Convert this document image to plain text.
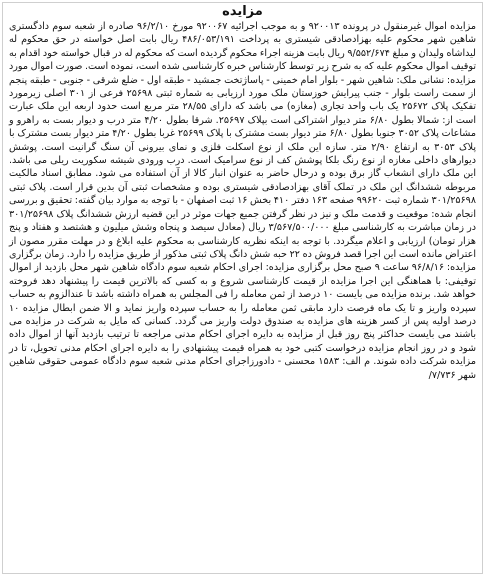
مزایده

مزایده اموال غیرمنقول در پرونده ۹۲۰۰۱۳ و به موجب اجرائیه ۹۲۰۰۶۷ مورخ ۹۶/۲/۱۰ صادره از شعبه سوم دادگستری شاهین شهر محکوم علیه بهزادصادقی شیستری به پرداخت ۴۸۶/۰۵۳/۱۹۱ ریال بابت اصل خواسته در حق محکوم له لیداشاه ولیدان و مبلغ ۹/۵۵۲/۶۷۴ ریال بابت هزینه اجراء محکوم گردیده است که محکوم له در قبال خواسته خود اقدام به توقیف اموال محکوم علیه که به شرح زیر توسط کارشناس خبره کارشناسی شده است، نموده است. صورت اموال مورد مزایده: نشانی ملک: شاهین شهر - بلوار امام خمینی - پاساژتخت جمشید - طبقه اول - ضلع شرقی - جنوبی - طبقه پنجم از سمت راست بلوار - جنب پیرایش خوزستان ملک مورد ارزیابی به شماره ثبتی ۲۵۶۹۸ فرعی از ۳۰۱ اصلی زیرمورد تفکیک پلاک ۲۵۶۷۲ یک باب واحد تجاری (مغازه) می باشد که دارای ۲۸/۵۵ متر مربع است حدود اربعه این ملک عبارت است از: شمالا بطول ۶/۸۰ متر دیوار اشتراکی است بپلاک ۲۵۶۹۷. شرقا بطول ۴/۲۰ متر درب و دیوار بست به راهرو و مشاعات پلاک ۳۰۵۲ جنوبا بطول ۶/۸۰ متر دیوار بست مشترک با پلاک ۲۵۶۹۹ غربا بطول ۴/۲۰ متر دیوار بست مشترک با پلاک ۳۰۵۳ به ارتفاع ۲/۹۰ متر. سازه این ملک از نوع اسکلت فلزی و نمای بیرونی آن سنگ گرانیت است. پوشش دیوارهای داخلی مغازه از نوع رنگ بلکا پوشش کف از نوع سرامیک است. درب ورودی شیشه سکوریت ریلی می باشد. این ملک دارای انشعاب گاز برق بوده و درحال حاضر به عنوان انبار کالا از آن استفاده می شود. مطابق اسناد مالکیت مربوطه ششدانگ این ملک در تملک آقای بهزادصادقی شیستری بوده و مشخصات ثبتی آن بدین قرار است. پلاک ثبتی ۳۰۱/۲۵۶۹۸ شماره ثبت ۹۹۶۲۰ صفحه ۱۶۳ دفتر ۴۱۰ بخش ۱۶ ثبت اصفهان - با توجه به موارد بیان گفته: تحقیق و بررسی انجام شده: موقعیت و قدمت ملک و نیز در نظر گرفتن جمیع جهات موثر در این قضیه ارزش ششدانگ پلاک ۳۰۱/۲۵۶۹۸ در زمان مباشرت به کارشناسی مبلغ ۳/۵۶۷/۵۰۰/۰۰۰ ریال (معادل سیصد و پنجاه وشش میلیون و هشتصد و هفتاد و پنج هزار تومان) ارزیابی و اعلام میگردد. با توجه به اینکه نظریه کارشناسی به محکوم علیه ابلاغ و در مهلت مقرر مصون از اعتراض مانده است این اجرا قصد فروش ده ۲۲ حبه شش دانگ پلاک ثبتی مذکور از طریق مزایده را دارد. زمان برگزاری مزایده: ۹۶/۸/۱۶ ساعت ۹ صبح محل برگزاری مزایده: اجرای احکام شعبه سوم دادگاه شاهین شهر محل بازدید از اموال توقیفی: با هماهنگی این اجرا مزایده از قیمت کارشناسی شروع و به کسی که بالاترین قیمت را پیشنهاد دهد فروخته خواهد شد. برنده مزایده می بایست ۱۰ درصد از ثمن معامله را فی المجلس به همراه داشته باشد تا عندالزوم به حساب سپرده واریز و تا یک ماه فرصت دارد مابقی ثمن معامله را به حساب سپرده واریز نماید و الا ضمن ابطال مزایده ۱۰ درصد اولیه پس از کسر هزینه های مزایده به صندوق دولت واریز می گردد. کسانی که مایل به شرکت در مزایده می باشند می بایست حداکثر پنج روز قبل از مزایده به دایره اجرای احکام مدنی مراجعه تا ترتیب بازدید آنها از اموال داده شود و در روز انجام مزایده درخواست کتبی خود به همراه قیمت پیشنهادی را به دایره اجرای احکام مدنی تحویل، تا در مزایده شرکت داده شوند. م الف: ۱۵۸۳ محسنی - دادورزاجرای احکام مدنی شعبه سوم دادگاه عمومی حقوقی شاهین شهر ۷/۷۳۶/
